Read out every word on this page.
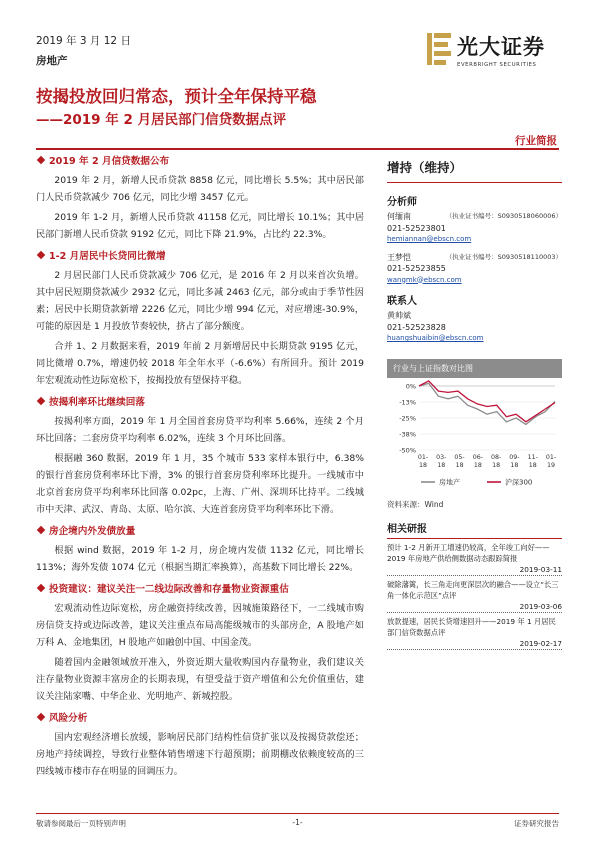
2019 年 3 月 12 日
房地产
光大证券
EVERBRIGHT SECURITIES
按揭投放回归常态，预计全年保持平稳
——2019 年 2 月居民部门信贷数据点评
行业简报
2019 年 2 月信贷数据公布

2019 年 2 月，新增人民币贷款 8858 亿元，同比增长 5.5%；其中居民部门人民币贷款减少 706 亿元，同比少增 3457 亿元。

2019 年 1-2 月，新增人民币贷款 41158 亿元，同比增长 10.1%；其中居民部门新增人民币贷款 9192 亿元，同比下降 21.9%，占比约 22.3%。

1-2 月居民中长贷同比微增

2 月居民部门人民币贷款减少 706 亿元，是 2016 年 2 月以来首次负增。其中居民短期贷款减少 2932 亿元，同比多减 2463 亿元，部分或由于季节性因素；居民中长期贷款新增 2226 亿元，同比少增 994 亿元，对应增速-30.9%，可能的原因是 1 月投放节奏较快，挤占了部分额度。

合并 1、2 月数据来看，2019 年前 2 月新增居民中长期贷款 9195 亿元，同比微增 0.7%，增速仍较 2018 年全年水平（-6.6%）有所回升。预计 2019 年宏观流动性边际宽松下，按揭投放有望保持平稳。

按揭利率环比继续回落

按揭利率方面，2019 年 1 月全国首套房贷平均利率 5.66%，连续 2 个月环比回落；二套房贷平均利率 6.02%，连续 3 个月环比回落。

根据融 360 数据，2019 年 1 月，35 个城市 533 家样本银行中，6.38% 的银行首套房贷利率环比下滑，3% 的银行首套房贷利率环比提升。一线城市中北京首套房贷平均利率环比回落 0.02pc，上海、广州、深圳环比持平。二线城市中天津、武汉、青岛、太原、哈尔滨、大连首套房贷平均利率环比下滑。

房企境内外发债放量

根据 wind 数据，2019 年 1-2 月，房企境内发债 1132 亿元，同比增长 113%；海外发债 1074 亿元（根据当期汇率换算），高基数下同比增长 22%。

投资建议：建议关注一二线边际改善和存量物业资源重估

宏观流动性边际宽松，房企融资持续改善，因城施策路径下，一二线城市购房信贷支持或边际改善，建议关注重点布局高能级城市的头部房企，A 股地产如万科 A、金地集团，H 股地产如融创中国、中国金茂。

随着国内金融领域放开准入，外资近期大量收购国内存量物业，我们建议关注存量物业资源丰富房企的长期表现，有望受益于资产增值和公允价值重估，建议关注陆家嘴、中华企业、光明地产、新城控股。

风险分析

国内宏观经济增长放缓，影响居民部门结构性信贷扩张以及按揭贷款偿还；房地产持续调控，导致行业整体销售增速下行超预期；前期棚改依赖度较高的三四线城市楼市存在明显的回调压力。

增持（维持）
分析师
何缅南	（执业证书编号：S0930518060006）
021-52523801
hemiannan@ebscn.com
王梦恺	（执业证书编号：S0930518110003）
021-52523855
wangmk@ebscn.com
联系人
黄帅斌
021-52523828
huangshuaibin@ebscn.com
行业与上证指数对比图
0%
-13%
-25%
-38%
-50%
01-
18
03-
18
05-
18
06-
18
08-
18
09-
18
11-
18
01-
19
房地产	沪深300
资料来源：Wind
相关研报
预计 1-2 月新开工增速仍较高，全年竣工向好——2019 年房地产供给侧数据动态跟踪简报
2019-03-11
破除藩篱，长三角走向更深层次的融合——设立“长三角一体化示范区”点评
2019-03-06
放款提速，居民长贷增速回升——2019 年 1 月居民部门信贷数据点评
2019-02-17
敬请参阅最后一页特别声明	-1-	证券研究报告
